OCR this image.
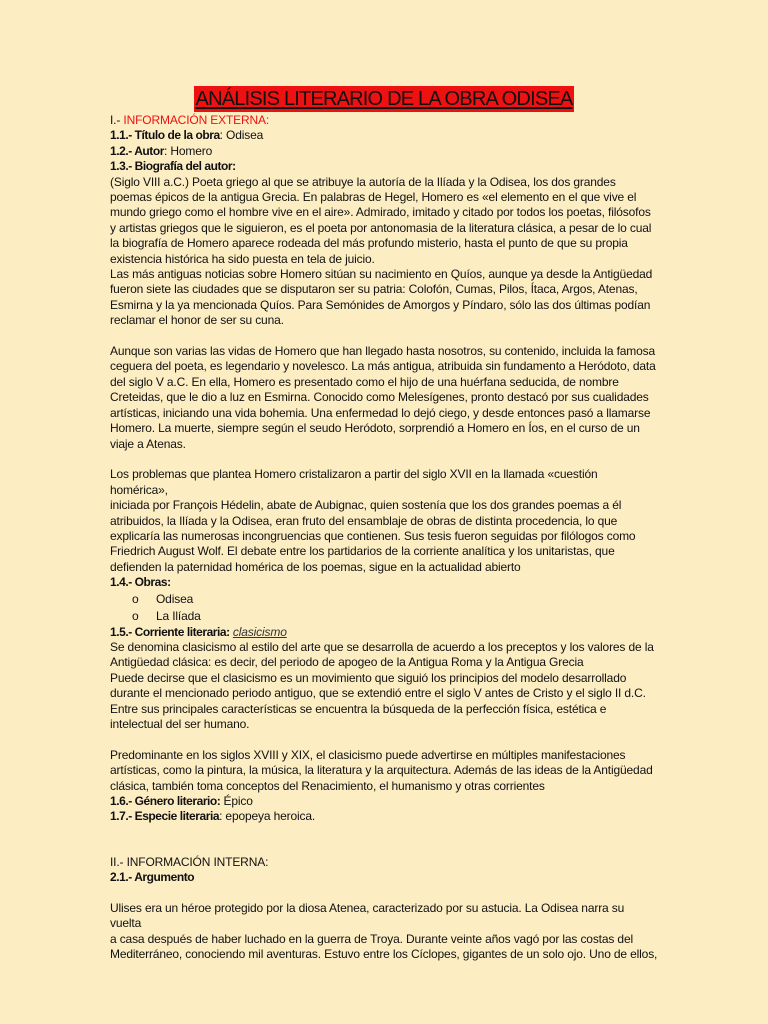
ANÁLISIS LITERARIO DE LA OBRA ODISEA

I.- INFORMACIÓN EXTERNA:

1.1.- Título de la obra: Odisea

1.2.- Autor: Homero

1.3.- Biografía del autor:

(Siglo VIII a.C.) Poeta griego al que se atribuye la autoría de la Ilíada y la Odisea, los dos grandes

poemas épicos de la antigua Grecia. En palabras de Hegel, Homero es «el elemento en el que vive el

mundo griego como el hombre vive en el aire». Admirado, imitado y citado por todos los poetas, filósofos

y artistas griegos que le siguieron, es el poeta por antonomasia de la literatura clásica, a pesar de lo cual

la biografía de Homero aparece rodeada del más profundo misterio, hasta el punto de que su propia

existencia histórica ha sido puesta en tela de juicio.

Las más antiguas noticias sobre Homero sitúan su nacimiento en Quíos, aunque ya desde la Antigüedad

fueron siete las ciudades que se disputaron ser su patria: Colofón, Cumas, Pilos, Ítaca, Argos, Atenas,

Esmirna y la ya mencionada Quíos. Para Semónides de Amorgos y Píndaro, sólo las dos últimas podían

reclamar el honor de ser su cuna.

Aunque son varias las vidas de Homero que han llegado hasta nosotros, su contenido, incluida la famosa

ceguera del poeta, es legendario y novelesco. La más antigua, atribuida sin fundamento a Heródoto, data

del siglo V a.C. En ella, Homero es presentado como el hijo de una huérfana seducida, de nombre

Creteidas, que le dio a luz en Esmirna. Conocido como Melesígenes, pronto destacó por sus cualidades

artísticas, iniciando una vida bohemia. Una enfermedad lo dejó ciego, y desde entonces pasó a llamarse

Homero. La muerte, siempre según el seudo Heródoto, sorprendió a Homero en Íos, en el curso de un

viaje a Atenas.

Los problemas que plantea Homero cristalizaron a partir del siglo XVII en la llamada «cuestión homérica»,

iniciada por François Hédelin, abate de Aubignac, quien sostenía que los dos grandes poemas a él

atribuidos, la Ilíada y la Odisea, eran fruto del ensamblaje de obras de distinta procedencia, lo que

explicaría las numerosas incongruencias que contienen. Sus tesis fueron seguidas por filólogos como

Friedrich August Wolf. El debate entre los partidarios de la corriente analítica y los unitaristas, que

defienden la paternidad homérica de los poemas, sigue en la actualidad abierto

1.4.- Obras:

o Odisea
o La Ilíada

1.5.- Corriente literaria: clasicismo

Se denomina clasicismo al estilo del arte que se desarrolla de acuerdo a los preceptos y los valores de la

Antigüedad clásica: es decir, del periodo de apogeo de la Antigua Roma y la Antigua Grecia

Puede decirse que el clasicismo es un movimiento que siguió los principios del modelo desarrollado

durante el mencionado periodo antiguo, que se extendió entre el siglo V antes de Cristo y el siglo II d.C.

Entre sus principales características se encuentra la búsqueda de la perfección física, estética e

intelectual del ser humano.

Predominante en los siglos XVIII y XIX, el clasicismo puede advertirse en múltiples manifestaciones

artísticas, como la pintura, la música, la literatura y la arquitectura. Además de las ideas de la Antigüedad

clásica, también toma conceptos del Renacimiento, el humanismo y otras corrientes

1.6.- Género literario: Épico

1.7.- Especie literaria: epopeya heroica.

II.- INFORMACIÓN INTERNA:

2.1.- Argumento

Ulises era un héroe protegido por la diosa Atenea, caracterizado por su astucia. La Odisea narra su vuelta

a casa después de haber luchado en la guerra de Troya. Durante veinte años vagó por las costas del

Mediterráneo, conociendo mil aventuras. Estuvo entre los Cíclopes, gigantes de un solo ojo. Uno de ellos,
